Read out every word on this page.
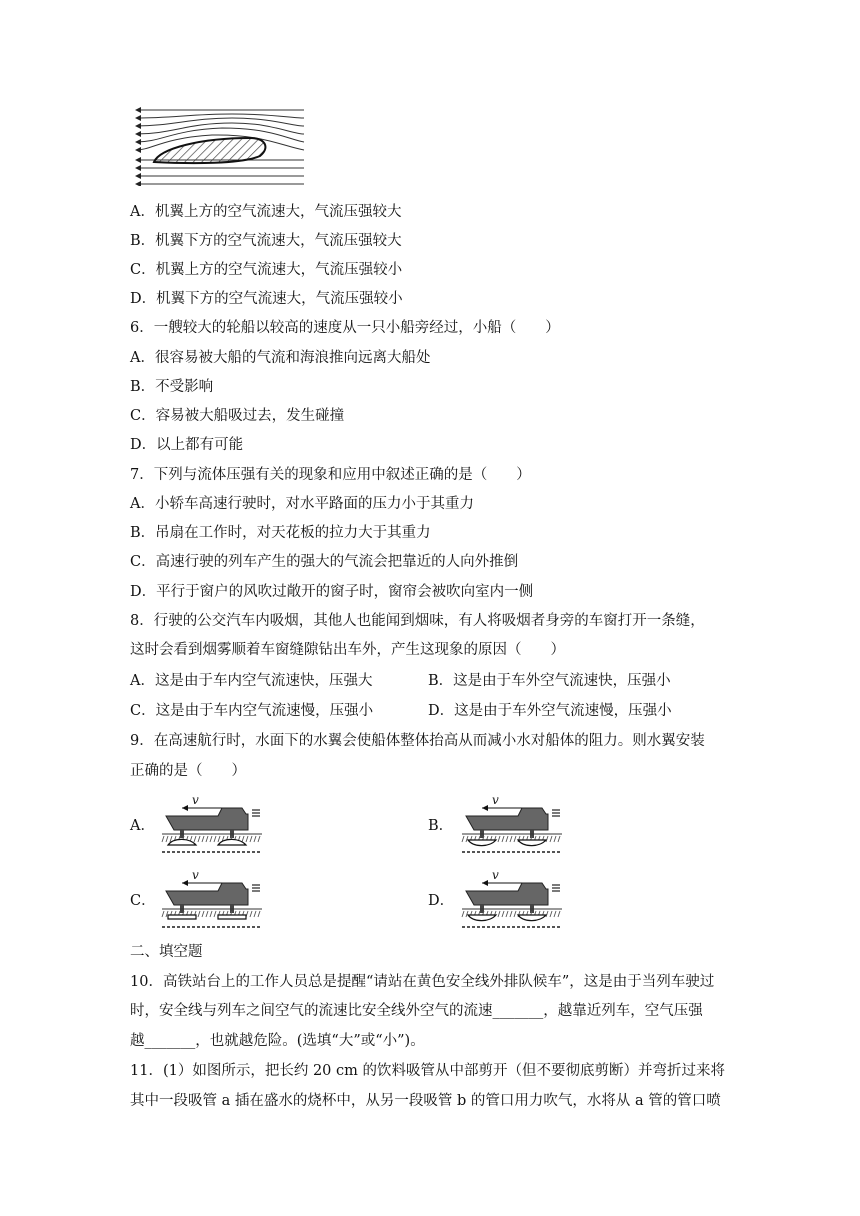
A．机翼上方的空气流速大，气流压强较大
B．机翼下方的空气流速大，气流压强较大
C．机翼上方的空气流速大，气流压强较小
D．机翼下方的空气流速大，气流压强较小
6．一艘较大的轮船以较高的速度从一只小船旁经过，小船（　　）
A．很容易被大船的气流和海浪推向远离大船处
B．不受影响
C．容易被大船吸过去，发生碰撞
D．以上都有可能
7．下列与流体压强有关的现象和应用中叙述正确的是（　　）
A．小轿车高速行驶时，对水平路面的压力小于其重力
B．吊扇在工作时，对天花板的拉力大于其重力
C．高速行驶的列车产生的强大的气流会把靠近的人向外推倒
D．平行于窗户的风吹过敞开的窗子时，窗帘会被吹向室内一侧
8．行驶的公交汽车内吸烟，其他人也能闻到烟味，有人将吸烟者身旁的车窗打开一条缝，
这时会看到烟雾顺着车窗缝隙钻出车外，产生这现象的原因（　　）
A．这是由于车内空气流速快，压强大	B．这是由于车外空气流速快，压强小
C．这是由于车内空气流速慢，压强小	D．这是由于车外空气流速慢，压强小
9．在高速航行时，水面下的水翼会使船体整体抬高从而减小水对船体的阻力。则水翼安装
正确的是（　　）
A．	B．
C．	D．
v	v
v	v
二、填空题
10．高铁站台上的工作人员总是提醒“请站在黄色安全线外排队候车”，这是由于当列车驶过
时，安全线与列车之间空气的流速比安全线外空气的流速_______，越靠近列车，空气压强
越_______，也就越危险。(选填“大”或“小”)。
11．(1）如图所示，把长约 20 cm 的饮料吸管从中部剪开（但不要彻底剪断）并弯折过来将
其中一段吸管 a 插在盛水的烧杯中，从另一段吸管 b 的管口用力吹气，水将从 a 管的管口喷
